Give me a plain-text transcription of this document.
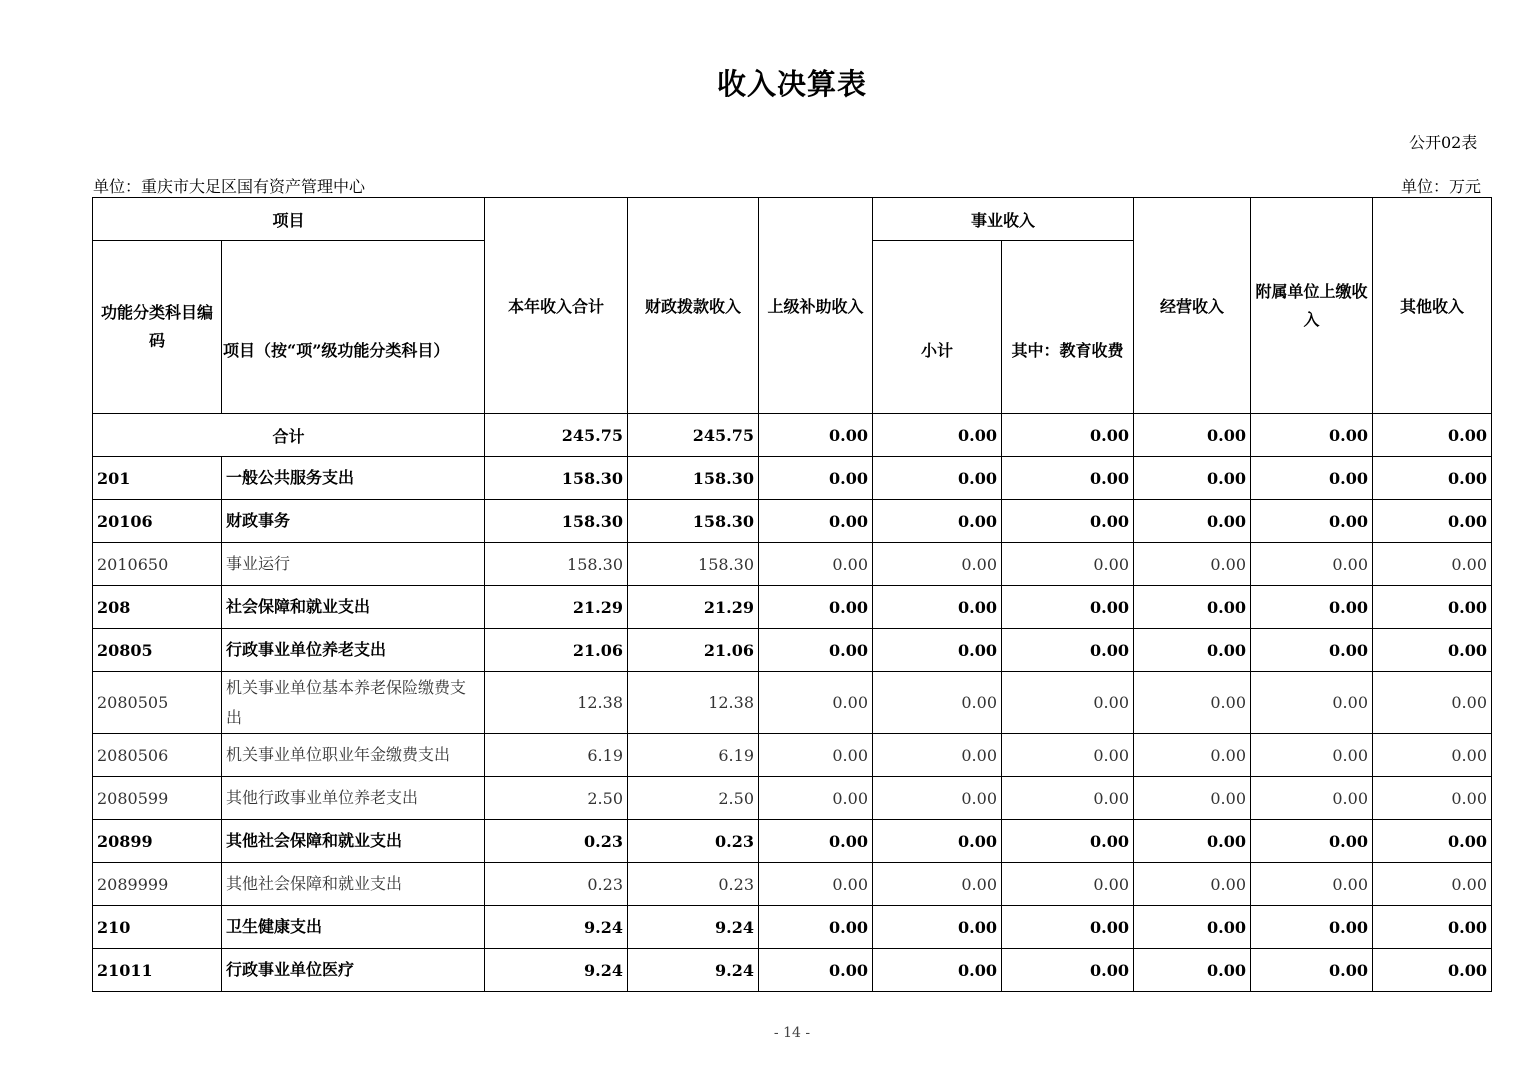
收入决算表
公开02表
单位：重庆市大足区国有资产管理中心	单位：万元
项目		本年收入合计	财政拨款收入	上级补助收入	事业收入		经营收入	附属单位上缴收入	其他收入
功能分类科目编码	项目（按“项”级功能分类科目）				小计	其中：教育收费			
合计		245.75	245.75	0.00	0.00	0.00	0.00	0.00	0.00
201	一般公共服务支出	158.30	158.30	0.00	0.00	0.00	0.00	0.00	0.00
20106	财政事务	158.30	158.30	0.00	0.00	0.00	0.00	0.00	0.00
2010650	事业运行	158.30	158.30	0.00	0.00	0.00	0.00	0.00	0.00
208	社会保障和就业支出	21.29	21.29	0.00	0.00	0.00	0.00	0.00	0.00
20805	行政事业单位养老支出	21.06	21.06	0.00	0.00	0.00	0.00	0.00	0.00
2080505	机关事业单位基本养老保险缴费支出	12.38	12.38	0.00	0.00	0.00	0.00	0.00	0.00
2080506	机关事业单位职业年金缴费支出	6.19	6.19	0.00	0.00	0.00	0.00	0.00	0.00
2080599	其他行政事业单位养老支出	2.50	2.50	0.00	0.00	0.00	0.00	0.00	0.00
20899	其他社会保障和就业支出	0.23	0.23	0.00	0.00	0.00	0.00	0.00	0.00
2089999	其他社会保障和就业支出	0.23	0.23	0.00	0.00	0.00	0.00	0.00	0.00
210	卫生健康支出	9.24	9.24	0.00	0.00	0.00	0.00	0.00	0.00
21011	行政事业单位医疗	9.24	9.24	0.00	0.00	0.00	0.00	0.00	0.00
- 14 -
